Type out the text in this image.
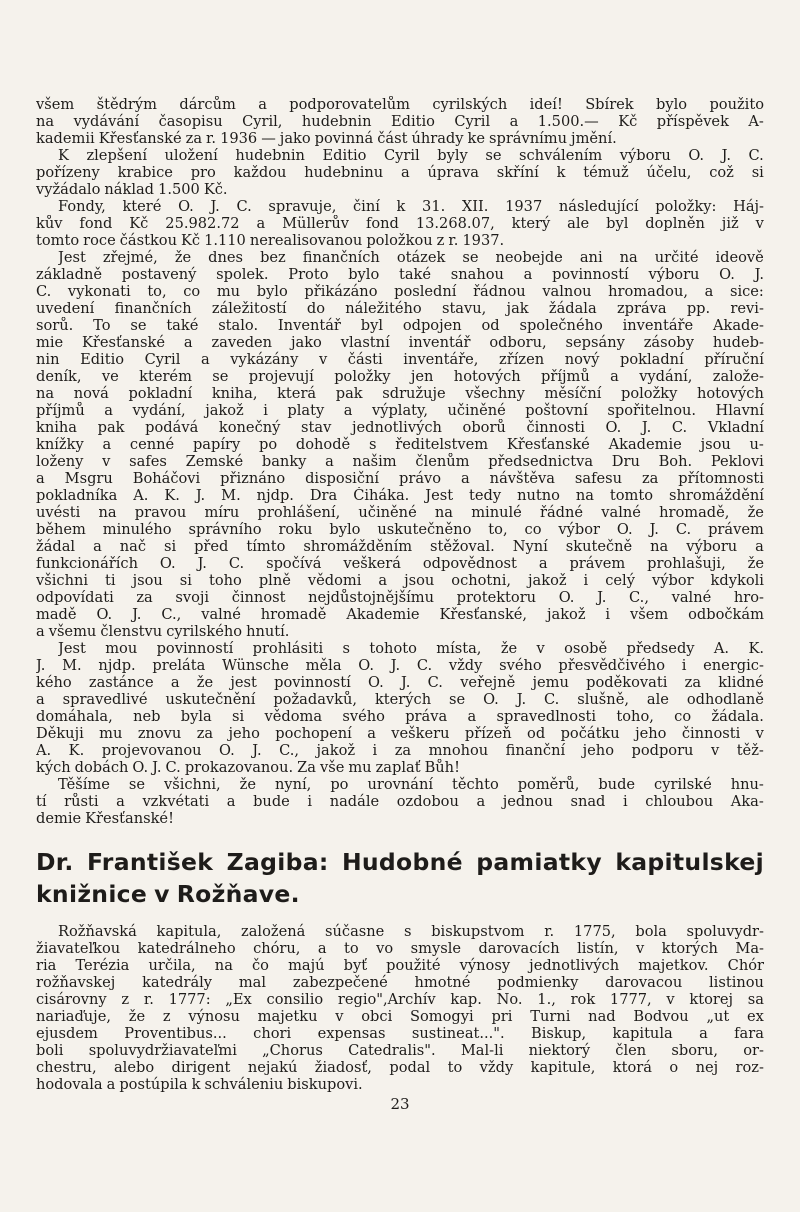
všem štědrým dárcům a podporovatelům cyrilských ideí! Sbírek bylo použito
na vydávání časopisu Cyril, hudebnin Editio Cyril a 1.500.— Kč příspěvek A-
kademii Křesťanské za r. 1936 — jako povinná část úhrady ke správnímu jmění.
K zlepšení uložení hudebnin Editio Cyril byly se schválením výboru O. J. C.
pořízeny krabice pro každou hudebninu a úprava skříní k témuž účelu, což si
vyžádalo náklad 1.500 Kč.
Fondy, které O. J. C. spravuje, činí k 31. XII. 1937 následující položky: Háj-
kův fond Kč 25.982.72 a Müllerův fond 13.268.07, který ale byl doplněn již v
tomto roce částkou Kč 1.110 nerealisovanou položkou z r. 1937.
Jest zřejmé, že dnes bez finančních otázek se neobejde ani na určité ideově
základně postavený spolek. Proto bylo také snahou a povinností výboru O. J.
C. vykonati to, co mu bylo přikázáno poslední řádnou valnou hromadou, a sice:
uvedení finančních záležitostí do náležitého stavu, jak žádala zpráva pp. revi-
sorů. To se také stalo. Inventář byl odpojen od společného inventáře Akade-
mie Křesťanské a zaveden jako vlastní inventář odboru, sepsány zásoby hudeb-
nin Editio Cyril a vykázány v části inventáře, zřízen nový pokladní příruční
deník, ve kterém se projevují položky jen hotových příjmů a vydání, založe-
na nová pokladní kniha, která pak sdružuje všechny měsíční položky hotových
příjmů a vydání, jakož i platy a výplaty, učiněné poštovní spořitelnou. Hlavní
kniha pak podává konečný stav jednotlivých oborů činnosti O. J. C. Vkladní
knížky a cenné papíry po dohodě s ředitelstvem Křesťanské Akademie jsou u-
loženy v safes Zemské banky a našim členům předsednictva Dru Boh. Peklovi
a Msgru Boháčovi přiznáno disposiční právo a návštěva safesu za přítomnosti
pokladníka A. K. J. M. njdp. Dra Čiháka. Jest tedy nutno na tomto shromáždění
uvésti na pravou míru prohlášení, učiněné na minulé řádné valné hromadě, že
během minulého správního roku bylo uskutečněno to, co výbor O. J. C. právem
žádal a nač si před tímto shromážděním stěžoval. Nyní skutečně na výboru a
funkcionářích O. J. C. spočívá veškerá odpovědnost a právem prohlašuji, že
všichni ti jsou si toho plně vědomi a jsou ochotni, jakož i celý výbor kdykoli
odpovídati za svoji činnost nejdůstojnějšímu protektoru O. J. C., valné hro-
madě O. J. C., valné hromadě Akademie Křesťanské, jakož i všem odbočkám
a všemu členstvu cyrilského hnutí.
Jest mou povinností prohlásiti s tohoto místa, že v osobě předsedy A. K.
J. M. njdp. preláta Wünsche měla O. J. C. vždy svého přesvědčivého i energic-
kého zastánce a že jest povinností O. J. C. veřejně jemu poděkovati za klidné
a spravedlivé uskutečnění požadavků, kterých se O. J. C. slušně, ale odhodlaně
domáhala, neb byla si vědoma svého práva a spravedlnosti toho, co žádala.
Děkuji mu znovu za jeho pochopení a veškeru přízeň od počátku jeho činnosti v
A. K. projevovanou O. J. C., jakož i za mnohou finanční jeho podporu v těž-
kých dobách O. J. C. prokazovanou. Za vše mu zaplať Bůh!
Těšíme se všichni, že nyní, po urovnání těchto poměrů, bude cyrilské hnu-
tí růsti a vzkvétati a bude i nadále ozdobou a jednou snad i chloubou Aka-
demie Křesťanské!
Dr. František Zagiba: Hudobné pamiatky kapitulskej
knižnice v Rožňave.
Rožňavská kapitula, založená súčasne s biskupstvom r. 1775, bola spoluvydr-
žiavateľkou katedrálneho chóru, a to vo smysle darovacích listín, v ktorých Ma-
ria Terézia určila, na čo majú byť použité výnosy jednotlivých majetkov. Chór
rožňavskej katedrály mal zabezpečené hmotné podmienky darovacou listinou
cisárovny z r. 1777: „Ex consilio regio",Archív kap. No. 1., rok 1777, v ktorej sa
nariaďuje, že z výnosu majetku v obci Somogyi pri Turni nad Bodvou „ut ex
ejusdem Proventibus... chori expensas sustineat...". Biskup, kapitula a fara
boli spoluvydržiavateľmi „Chorus Catedralis". Mal-li niektorý člen sboru, or-
chestru, alebo dirigent nejakú žiadosť, podal to vždy kapitule, ktorá o nej roz-
hodovala a postúpila k schváleniu biskupovi.
23
